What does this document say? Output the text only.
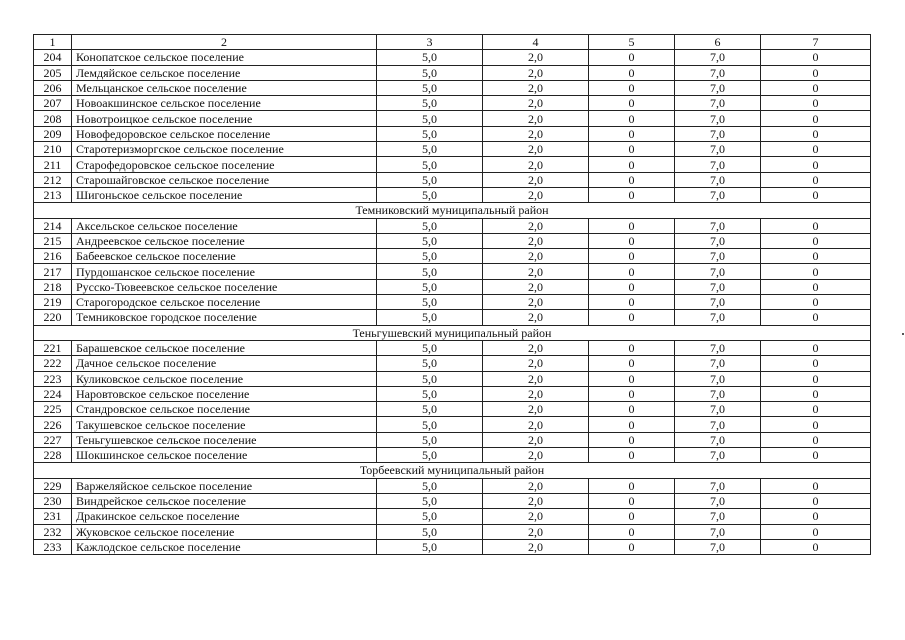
1	2	3	4	5	6	7
204	Конопатское сельское поселение	5,0	2,0	0	7,0	0
205	Лемдяйское сельское поселение	5,0	2,0	0	7,0	0
206	Мельцанское сельское поселение	5,0	2,0	0	7,0	0
207	Новоакшинское сельское поселение	5,0	2,0	0	7,0	0
208	Новотроицкое сельское поселение	5,0	2,0	0	7,0	0
209	Новофедоровское сельское поселение	5,0	2,0	0	7,0	0
210	Старотеризморгское сельское поселение	5,0	2,0	0	7,0	0
211	Старофедоровское сельское поселение	5,0	2,0	0	7,0	0
212	Старошайговское сельское поселение	5,0	2,0	0	7,0	0
213	Шигоньское сельское поселение	5,0	2,0	0	7,0	0
Темниковский муниципальный район						
214	Аксельское сельское поселение	5,0	2,0	0	7,0	0
215	Андреевское сельское поселение	5,0	2,0	0	7,0	0
216	Бабеевское сельское поселение	5,0	2,0	0	7,0	0
217	Пурдошанское сельское поселение	5,0	2,0	0	7,0	0
218	Русско-Тювеевское сельское поселение	5,0	2,0	0	7,0	0
219	Старогородское сельское поселение	5,0	2,0	0	7,0	0
220	Темниковское городское поселение	5,0	2,0	0	7,0	0
Теньгушевский муниципальный район						
221	Барашевское сельское поселение	5,0	2,0	0	7,0	0
222	Дачное сельское поселение	5,0	2,0	0	7,0	0
223	Куликовское сельское поселение	5,0	2,0	0	7,0	0
224	Наровтовское сельское поселение	5,0	2,0	0	7,0	0
225	Стандровское сельское поселение	5,0	2,0	0	7,0	0
226	Такушевское сельское поселение	5,0	2,0	0	7,0	0
227	Теньгушевское сельское поселение	5,0	2,0	0	7,0	0
228	Шокшинское сельское поселение	5,0	2,0	0	7,0	0
Торбеевский муниципальный район						
229	Варжеляйское сельское поселение	5,0	2,0	0	7,0	0
230	Виндрейское сельское поселение	5,0	2,0	0	7,0	0
231	Дракинское сельское поселение	5,0	2,0	0	7,0	0
232	Жуковское сельское поселение	5,0	2,0	0	7,0	0
233	Кажлодское сельское поселение	5,0	2,0	0	7,0	0
